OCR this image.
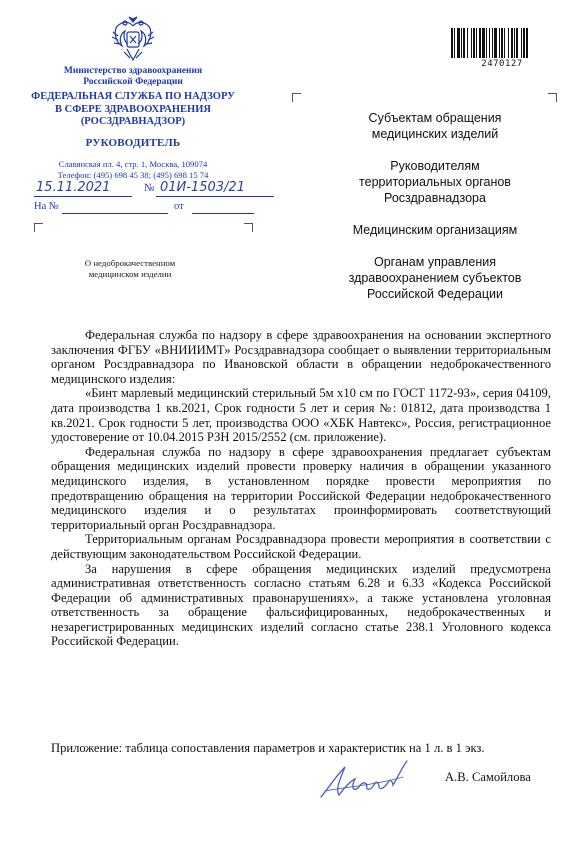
Министерство здравоохранения
Российской Федерации
ФЕДЕРАЛЬНАЯ СЛУЖБА ПО НАДЗОРУ
В СФЕРЕ ЗДРАВООХРАНЕНИЯ
(РОСЗДРАВНАДЗОР)
РУКОВОДИТЕЛЬ
Славянская пл. 4, стр. 1, Москва, 109074
Телефон: (495) 698 45 38; (495) 698 15 74
15.11.2021	№ 01И-1503/21
На №	от
О недоброкачественном
медицинском изделии
2470127
Субъектам обращения
медицинских изделий
Руководителям
территориальных органов
Росздравнадзора
Медицинским организациям
Органам управления
здравоохранением субъектов
Российской Федерации

Федеральная служба по надзору в сфере здравоохранения на основании экспертного заключения ФГБУ «ВНИИИМТ» Росздравнадзора сообщает о выявлении территориальным органом Росздравнадзора по Ивановской области в обращении недоброкачественного медицинского изделия:

«Бинт марлевый медицинский стерильный 5м х10 см по ГОСТ 1172-93», серия 04109, дата производства 1 кв.2021, Срок годности 5 лет и серия №: 01812, дата производства 1 кв.2021. Срок годности 5 лет, производства ООО «ХБК Навтекс», Россия, регистрационное удостоверение от 10.04.2015 РЗН 2015/2552 (см. приложение).

Федеральная служба по надзору в сфере здравоохранения предлагает субъектам обращения медицинских изделий провести проверку наличия в обращении указанного медицинского изделия, в установленном порядке провести мероприятия по предотвращению обращения на территории Российской Федерации недоброкачественного медицинского изделия и о результатах проинформировать соответствующий территориальный орган Росздравнадзора.

Территориальным органам Росздравнадзора провести мероприятия в соответствии с действующим законодательством Российской Федерации.

За нарушения в сфере обращения медицинских изделий предусмотрена административная ответственность согласно статьям 6.28 и 6.33 «Кодекса Российской Федерации об административных правонарушениях», а также установлена уголовная ответственность за обращение фальсифицированных, недоброкачественных и незарегистрированных медицинских изделий согласно статье 238.1 Уголовного кодекса Российской Федерации.

Приложение: таблица сопоставления параметров и характеристик на 1 л. в 1 экз.
А.В. Самойлова
